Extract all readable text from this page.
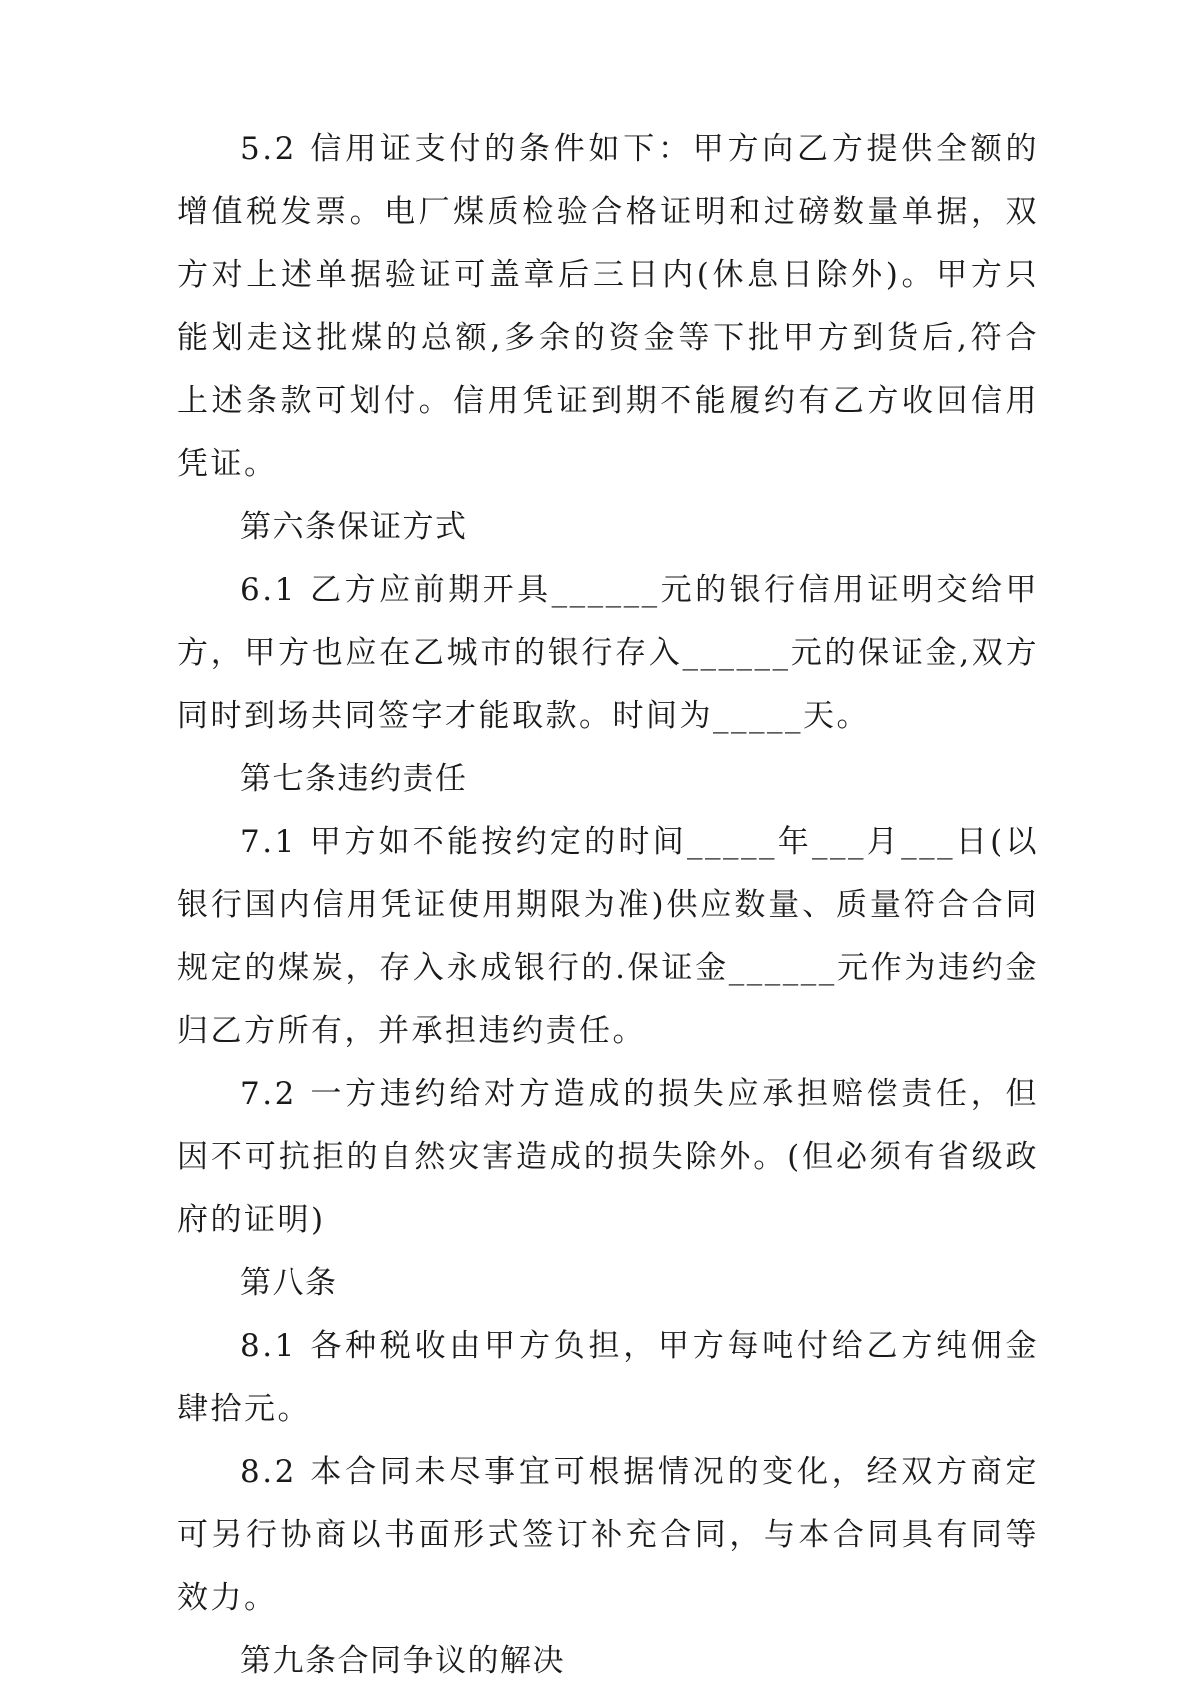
5.2 信用证支付的条件如下：甲方向乙方提供全额的增值税发票。电厂煤质检验合格证明和过磅数量单据，双方对上述单据验证可盖章后三日内(休息日除外)。甲方只能划走这批煤的总额,多余的资金等下批甲方到货后,符合上述条款可划付。信用凭证到期不能履约有乙方收回信用凭证。

第六条保证方式

6.1 乙方应前期开具______元的银行信用证明交给甲方，甲方也应在乙城市的银行存入______元的保证金,双方同时到场共同签字才能取款。时间为_____天。

第七条违约责任

7.1 甲方如不能按约定的时间_____年___月___日(以银行国内信用凭证使用期限为准)供应数量、质量符合合同规定的煤炭，存入永成银行的.保证金______元作为违约金归乙方所有，并承担违约责任。

7.2 一方违约给对方造成的损失应承担赔偿责任，但因不可抗拒的自然灾害造成的损失除外。(但必须有省级政府的证明)

第八条

8.1 各种税收由甲方负担，甲方每吨付给乙方纯佣金肆拾元。

8.2 本合同未尽事宜可根据情况的变化，经双方商定可另行协商以书面形式签订补充合同，与本合同具有同等效力。

第九条合同争议的解决
